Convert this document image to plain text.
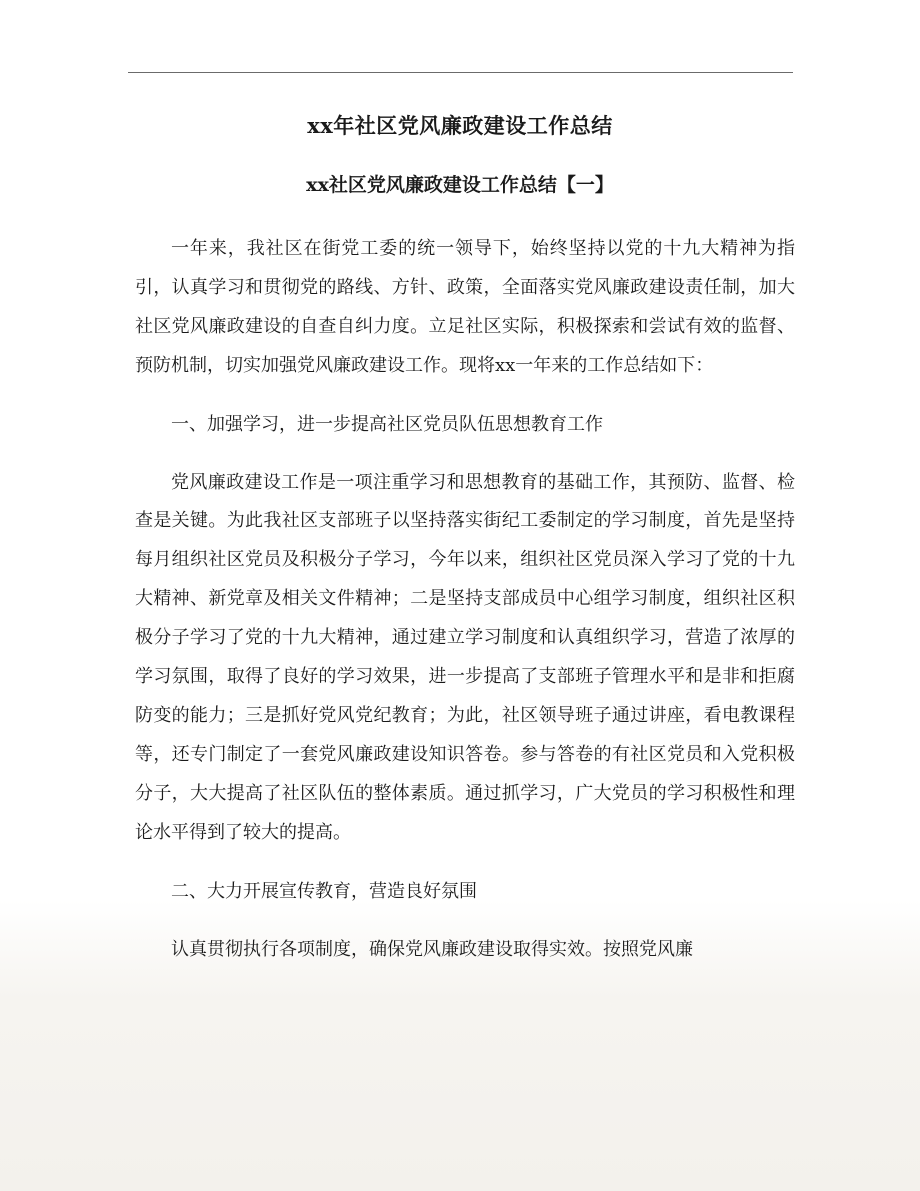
xx年社区党风廉政建设工作总结
xx社区党风廉政建设工作总结【一】

一年来，我社区在街党工委的统一领导下，始终坚持以党的十九大精神为指引，认真学习和贯彻党的路线、方针、政策，全面落实党风廉政建设责任制，加大社区党风廉政建设的自查自纠力度。立足社区实际，积极探索和尝试有效的监督、预防机制，切实加强党风廉政建设工作。现将xx一年来的工作总结如下：

一、加强学习，进一步提高社区党员队伍思想教育工作

党风廉政建设工作是一项注重学习和思想教育的基础工作，其预防、监督、检查是关键。为此我社区支部班子以坚持落实街纪工委制定的学习制度，首先是坚持每月组织社区党员及积极分子学习，今年以来，组织社区党员深入学习了党的十九大精神、新党章及相关文件精神；二是坚持支部成员中心组学习制度，组织社区积极分子学习了党的十九大精神，通过建立学习制度和认真组织学习，营造了浓厚的学习氛围，取得了良好的学习效果，进一步提高了支部班子管理水平和是非和拒腐防变的能力；三是抓好党风党纪教育；为此，社区领导班子通过讲座，看电教课程等，还专门制定了一套党风廉政建设知识答卷。参与答卷的有社区党员和入党积极分子，大大提高了社区队伍的整体素质。通过抓学习，广大党员的学习积极性和理论水平得到了较大的提高。

二、大力开展宣传教育，营造良好氛围

认真贯彻执行各项制度，确保党风廉政建设取得实效。按照党风廉
